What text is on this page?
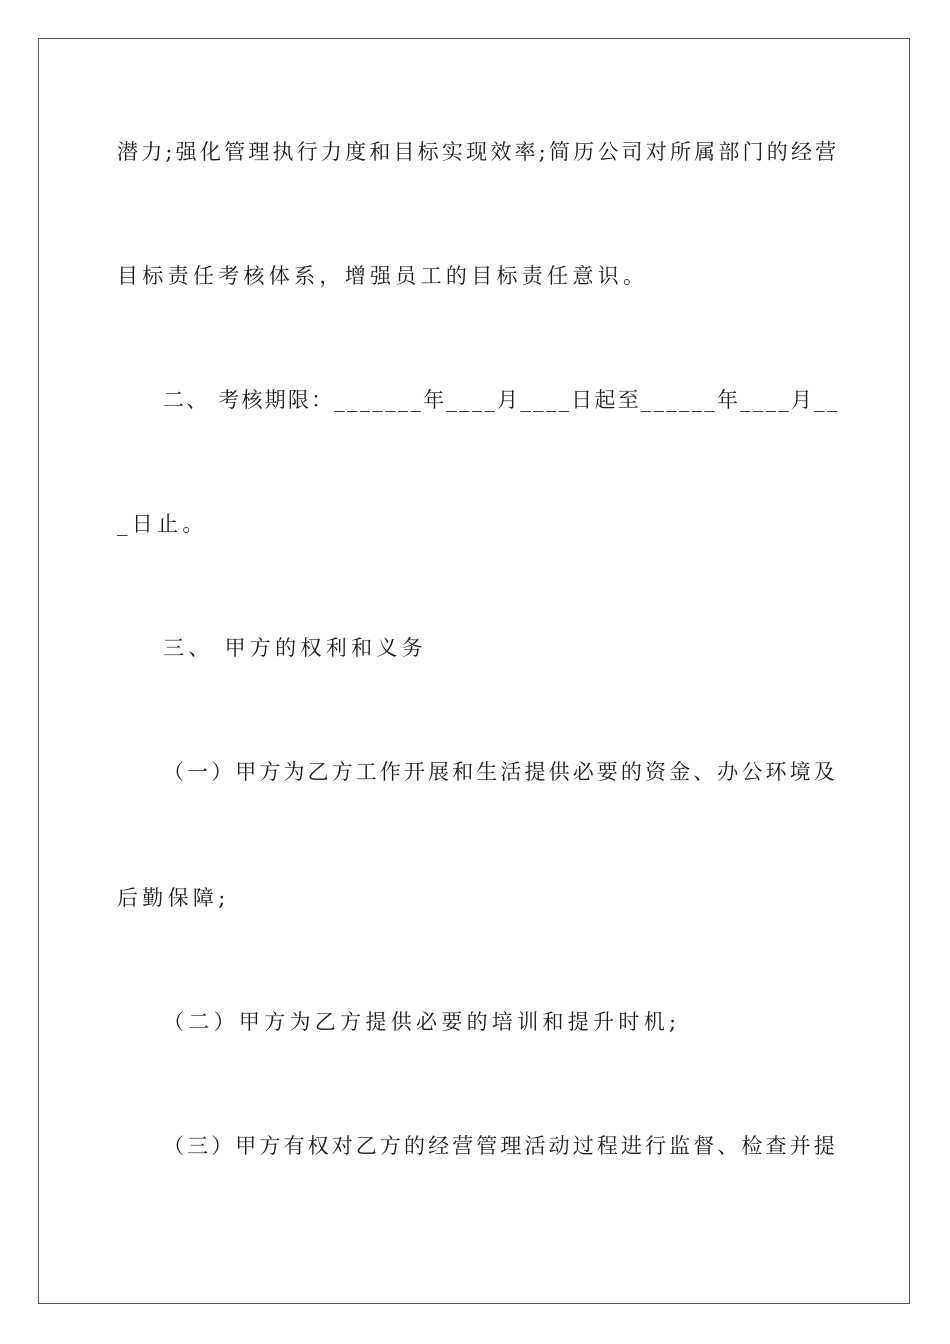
潜力;强化管理执行力度和目标实现效率;简历公司对所属部门的经营
目标责任考核体系，增强员工的目标责任意识。
二、 考核期限：_______年____月____日起至______年____月__
_日止。
三、 甲方的权利和义务
（一）甲方为乙方工作开展和生活提供必要的资金、办公环境及
后勤保障;
（二）甲方为乙方提供必要的培训和提升时机;
（三）甲方有权对乙方的经营管理活动过程进行监督、检查并提
